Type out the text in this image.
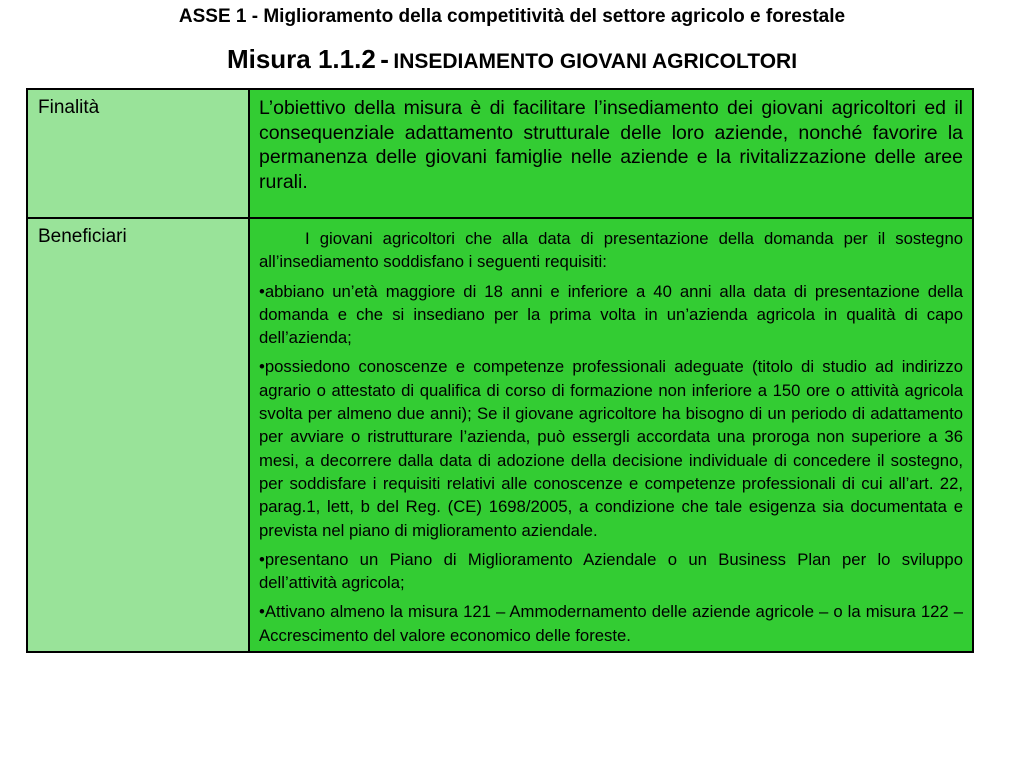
ASSE 1 - Miglioramento della competitività del settore agricolo e forestale
Misura 1.1.2 - INSEDIAMENTO GIOVANI AGRICOLTORI
Finalità	L’obiettivo della misura è di facilitare l’insediamento dei giovani agricoltori ed il consequenziale adattamento strutturale delle loro aziende, nonché favorire la permanenza delle giovani famiglie nelle aziende e la rivitalizzazione delle aree rurali.

Beneficiari	I giovani agricoltori che alla data di presentazione della domanda per il sostegno all’insediamento soddisfano i seguenti requisiti:

•abbiano un’età maggiore di 18 anni e inferiore a 40 anni alla data di presentazione della domanda e che si insediano per la prima volta in un’azienda agricola in qualità di capo dell’azienda;

•possiedono conoscenze e competenze professionali adeguate (titolo di studio ad indirizzo agrario o attestato di qualifica di corso di formazione non inferiore a 150 ore o attività agricola svolta per almeno due anni); Se il giovane agricoltore ha bisogno di un periodo di adattamento per avviare o ristrutturare l’azienda, può essergli accordata una proroga non superiore a 36 mesi, a decorrere dalla data di adozione della decisione individuale di concedere il sostegno, per soddisfare i requisiti relativi alle conoscenze e competenze professionali di cui all’art. 22, parag.1, lett, b del Reg. (CE) 1698/2005, a condizione che tale esigenza sia documentata e prevista nel piano di miglioramento aziendale.

•presentano un Piano di Miglioramento Aziendale o un Business Plan per lo sviluppo dell’attività agricola;

•Attivano almeno la misura 121 – Ammodernamento delle aziende agricole – o la misura 122 – Accrescimento del valore economico delle foreste.
